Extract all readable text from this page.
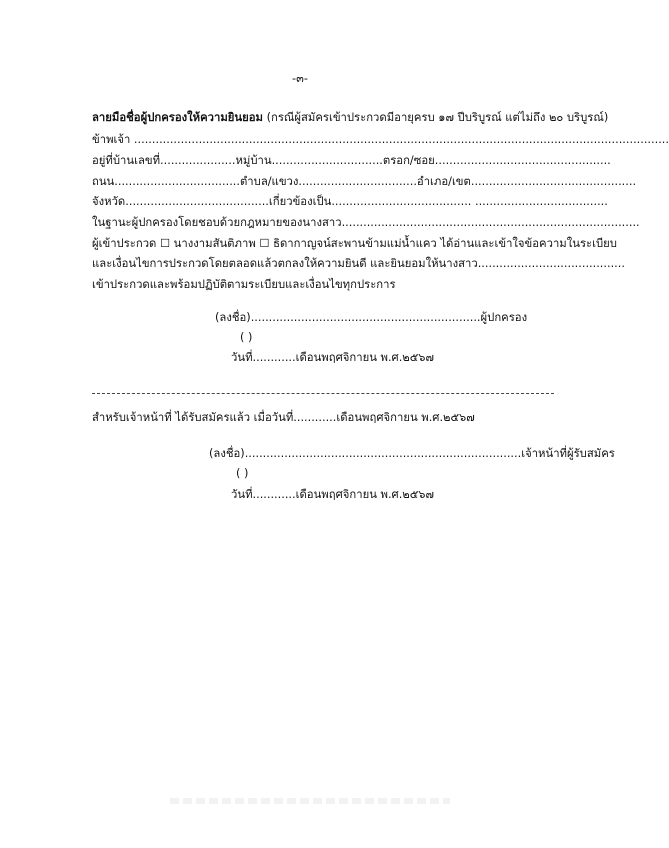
-๓-
ลายมือชื่อผู้ปกครองให้ความยินยอม (กรณีผู้สมัครเข้าประกวดมีอายุครบ ๑๗ ปีบริบูรณ์ แต่ไม่ถึง ๒๐ บริบูรณ์)
ข้าพเจ้า .....................................................................................................................................................
อยู่ที่บ้านเลขที่.....................หมู่บ้าน...............................ตรอก/ซอย.................................................
ถนน...................................ตำบล/แขวง.................................อำเภอ/เขต..............................................
จังหวัด........................................เกี่ยวข้องเป็น....................................... .....................................
ในฐานะผู้ปกครองโดยชอบด้วยกฎหมายของนางสาว...................................................................................
ผู้เข้าประกวด ☐ นางงามสันติภาพ ☐ ธิดากาญจน์สะพานข้ามแม่น้ำแคว ได้อ่านและเข้าใจข้อความในระเบียบ
และเงื่อนไขการประกวดโดยตลอดแล้วตกลงให้ความยินดี และยินยอมให้นางสาว.........................................
เข้าประกวดและพร้อมปฏิบัติตามระเบียบและเงื่อนไขทุกประการ
(ลงชื่อ)................................................................ผู้ปกครอง
( )
วันที่............เดือนพฤศจิกายน พ.ศ.๒๕๖๗
สำหรับเจ้าหน้าที่ ได้รับสมัครแล้ว เมื่อวันที่............เดือนพฤศจิกายน พ.ศ.๒๕๖๗
(ลงชื่อ).............................................................................เจ้าหน้าที่ผู้รับสมัคร
( )
วันที่............เดือนพฤศจิกายน พ.ศ.๒๕๖๗
